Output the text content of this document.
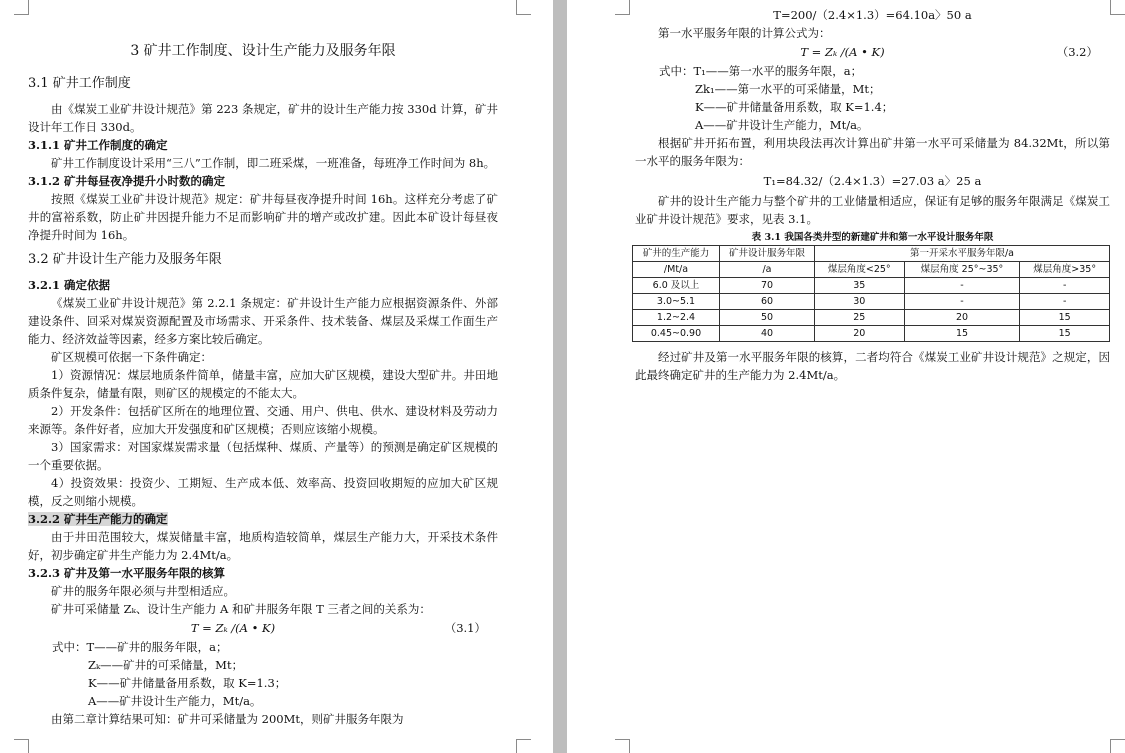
3 矿井工作制度、设计生产能力及服务年限
3.1 矿井工作制度

由《煤炭工业矿井设计规范》第 223 条规定，矿井的设计生产能力按 330d 计算，矿井设计年工作日 330d。

3.1.1 矿井工作制度的确定

矿井工作制度设计采用“三八”工作制，即二班采煤，一班准备，每班净工作时间为 8h。

3.1.2 矿井每昼夜净提升小时数的确定

按照《煤炭工业矿井设计规范》规定：矿井每昼夜净提升时间 16h。这样充分考虑了矿井的富裕系数，防止矿井因提升能力不足而影响矿井的增产或改扩建。因此本矿设计每昼夜净提升时间为 16h。

3.2 矿井设计生产能力及服务年限
3.2.1 确定依据

《煤炭工业矿井设计规范》第 2.2.1 条规定：矿井设计生产能力应根据资源条件、外部建设条件、回采对煤炭资源配置及市场需求、开采条件、技术装备、煤层及采煤工作面生产能力、经济效益等因素，经多方案比较后确定。

矿区规模可依据一下条件确定：

1）资源情况：煤层地质条件简单，储量丰富，应加大矿区规模，建设大型矿井。井田地质条件复杂，储量有限，则矿区的规模定的不能太大。

2）开发条件：包括矿区所在的地理位置、交通、用户、供电、供水、建设材料及劳动力来源等。条件好者，应加大开发强度和矿区规模；否则应该缩小规模。

3）国家需求：对国家煤炭需求量（包括煤种、煤质、产量等）的预测是确定矿区规模的一个重要依据。

4）投资效果：投资少、工期短、生产成本低、效率高、投资回收期短的应加大矿区规模，反之则缩小规模。

3.2.2 矿井生产能力的确定

由于井田范围较大，煤炭储量丰富，地质构造较简单，煤层生产能力大，开采技术条件好，初步确定矿井生产能力为 2.4Mt/a。

3.2.3 矿井及第一水平服务年限的核算

矿井的服务年限必须与井型相适应。

矿井可采储量 Zₖ、设计生产能力 A 和矿井服务年限 T 三者之间的关系为：

T = Zₖ /(A • K)	（3.1）
式中：T——矿井的服务年限，a；
Zₖ——矿井的可采储量，Mt；
K——矿井储量备用系数，取 K=1.3；
A——矿井设计生产能力，Mt/a。

由第二章计算结果可知：矿井可采储量为 200Mt，则矿井服务年限为

T=200/（2.4×1.3）=64.10a〉50 a

第一水平服务年限的计算公式为：

T = Zₖ /(A • K)	（3.2）
式中：T₁——第一水平的服务年限，a；
Zk₁——第一水平的可采储量，Mt；
K——矿井储量备用系数，取 K=1.4；
A——矿井设计生产能力，Mt/a。

根据矿井开拓布置，利用块段法再次计算出矿井第一水平可采储量为 84.32Mt，所以第一水平的服务年限为：

T₁=84.32/（2.4×1.3）=27.03 a〉25 a

矿井的设计生产能力与整个矿井的工业储量相适应，保证有足够的服务年限满足《煤炭工业矿井设计规范》要求，见表 3.1。

表 3.1 我国各类井型的新建矿井和第一水平设计服务年限

矿井的生产能力	矿井设计服务年限	第一开采水平服务年限/a		
/Mt/a	/a	煤层角度<25°	煤层角度 25°~35°	煤层角度>35°
6.0 及以上	70	35	-	-
3.0~5.1	60	30	-	-
1.2~2.4	50	25	20	15
0.45~0.90	40	20	15	15

经过矿井及第一水平服务年限的核算，二者均符合《煤炭工业矿井设计规范》之规定，因此最终确定矿井的生产能力为 2.4Mt/a。
